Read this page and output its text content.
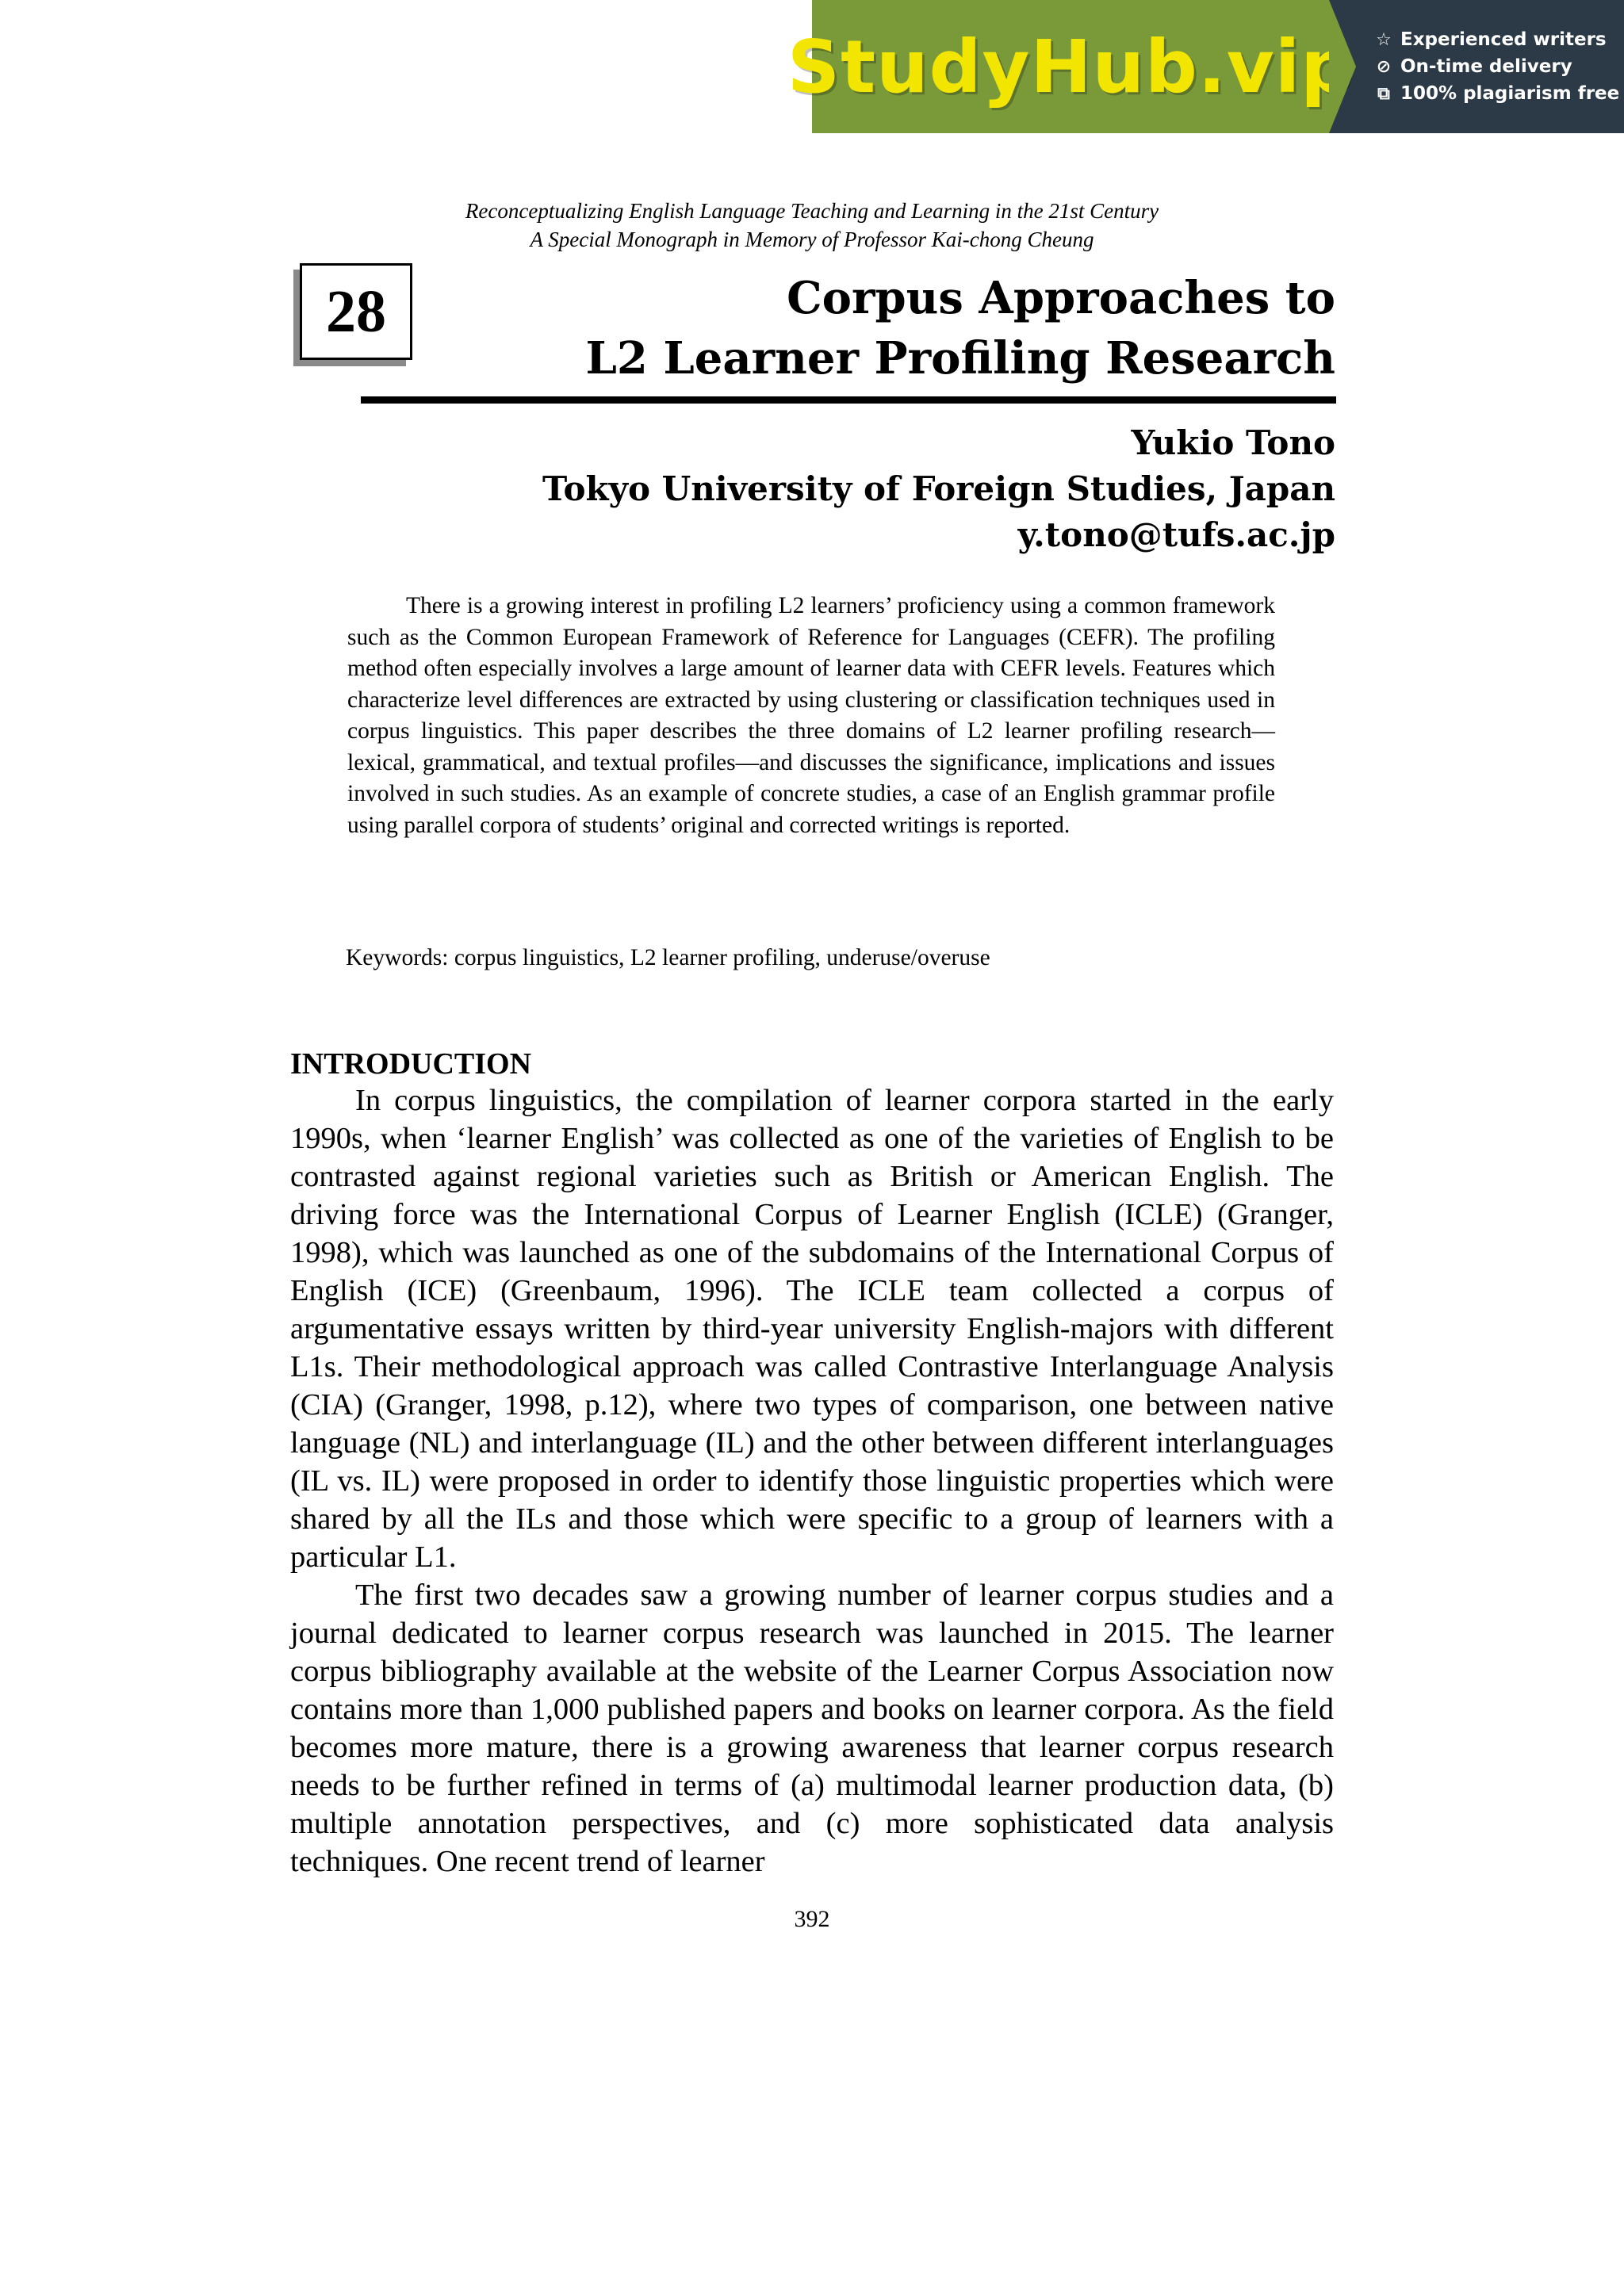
StudyHub.vip ☆ Experienced writers
⊘ On-time delivery
⧉ 100% plagiarism free
Reconceptualizing English Language Teaching and Learning in the 21st Century
A Special Monograph in Memory of Professor Kai-chong Cheung
28	Corpus Approaches to
L2 Learner Profiling Research
Yukio Tono
Tokyo University of Foreign Studies, Japan
y.tono@tufs.ac.jp
There is a growing interest in profiling L2 learners’ proficiency using a common framework such as the Common European Framework of Reference for Languages (CEFR). The profiling method often especially involves a large amount of learner data with CEFR levels. Features which characterize level differences are extracted by using clustering or classification techniques used in corpus linguistics. This paper describes the three domains of L2 learner profiling research—lexical, grammatical, and textual profiles—and discusses the significance, implications and issues involved in such studies. As an example of concrete studies, a case of an English grammar profile using parallel corpora of students’ original and corrected writings is reported.
Keywords: corpus linguistics, L2 learner profiling, underuse/overuse
INTRODUCTION

In corpus linguistics, the compilation of learner corpora started in the early 1990s, when ‘learner English’ was collected as one of the varieties of English to be contrasted against regional varieties such as British or American English. The driving force was the International Corpus of Learner English (ICLE) (Granger, 1998), which was launched as one of the subdomains of the International Corpus of English (ICE) (Greenbaum, 1996). The ICLE team collected a corpus of argumentative essays written by third-year university English-majors with different L1s. Their methodological approach was called Contrastive Interlanguage Analysis (CIA) (Granger, 1998, p.12), where two types of comparison, one between native language (NL) and interlanguage (IL) and the other between different interlanguages (IL vs. IL) were proposed in order to identify those linguistic properties which were shared by all the ILs and those which were specific to a group of learners with a particular L1.

The first two decades saw a growing number of learner corpus studies and a journal dedicated to learner corpus research was launched in 2015. The learner corpus bibliography available at the website of the Learner Corpus Association now contains more than 1,000 published papers and books on learner corpora. As the field becomes more mature, there is a growing awareness that learner corpus research needs to be further refined in terms of (a) multimodal learner production data, (b) multiple annotation perspectives, and (c) more sophisticated data analysis techniques. One recent trend of learner

392
